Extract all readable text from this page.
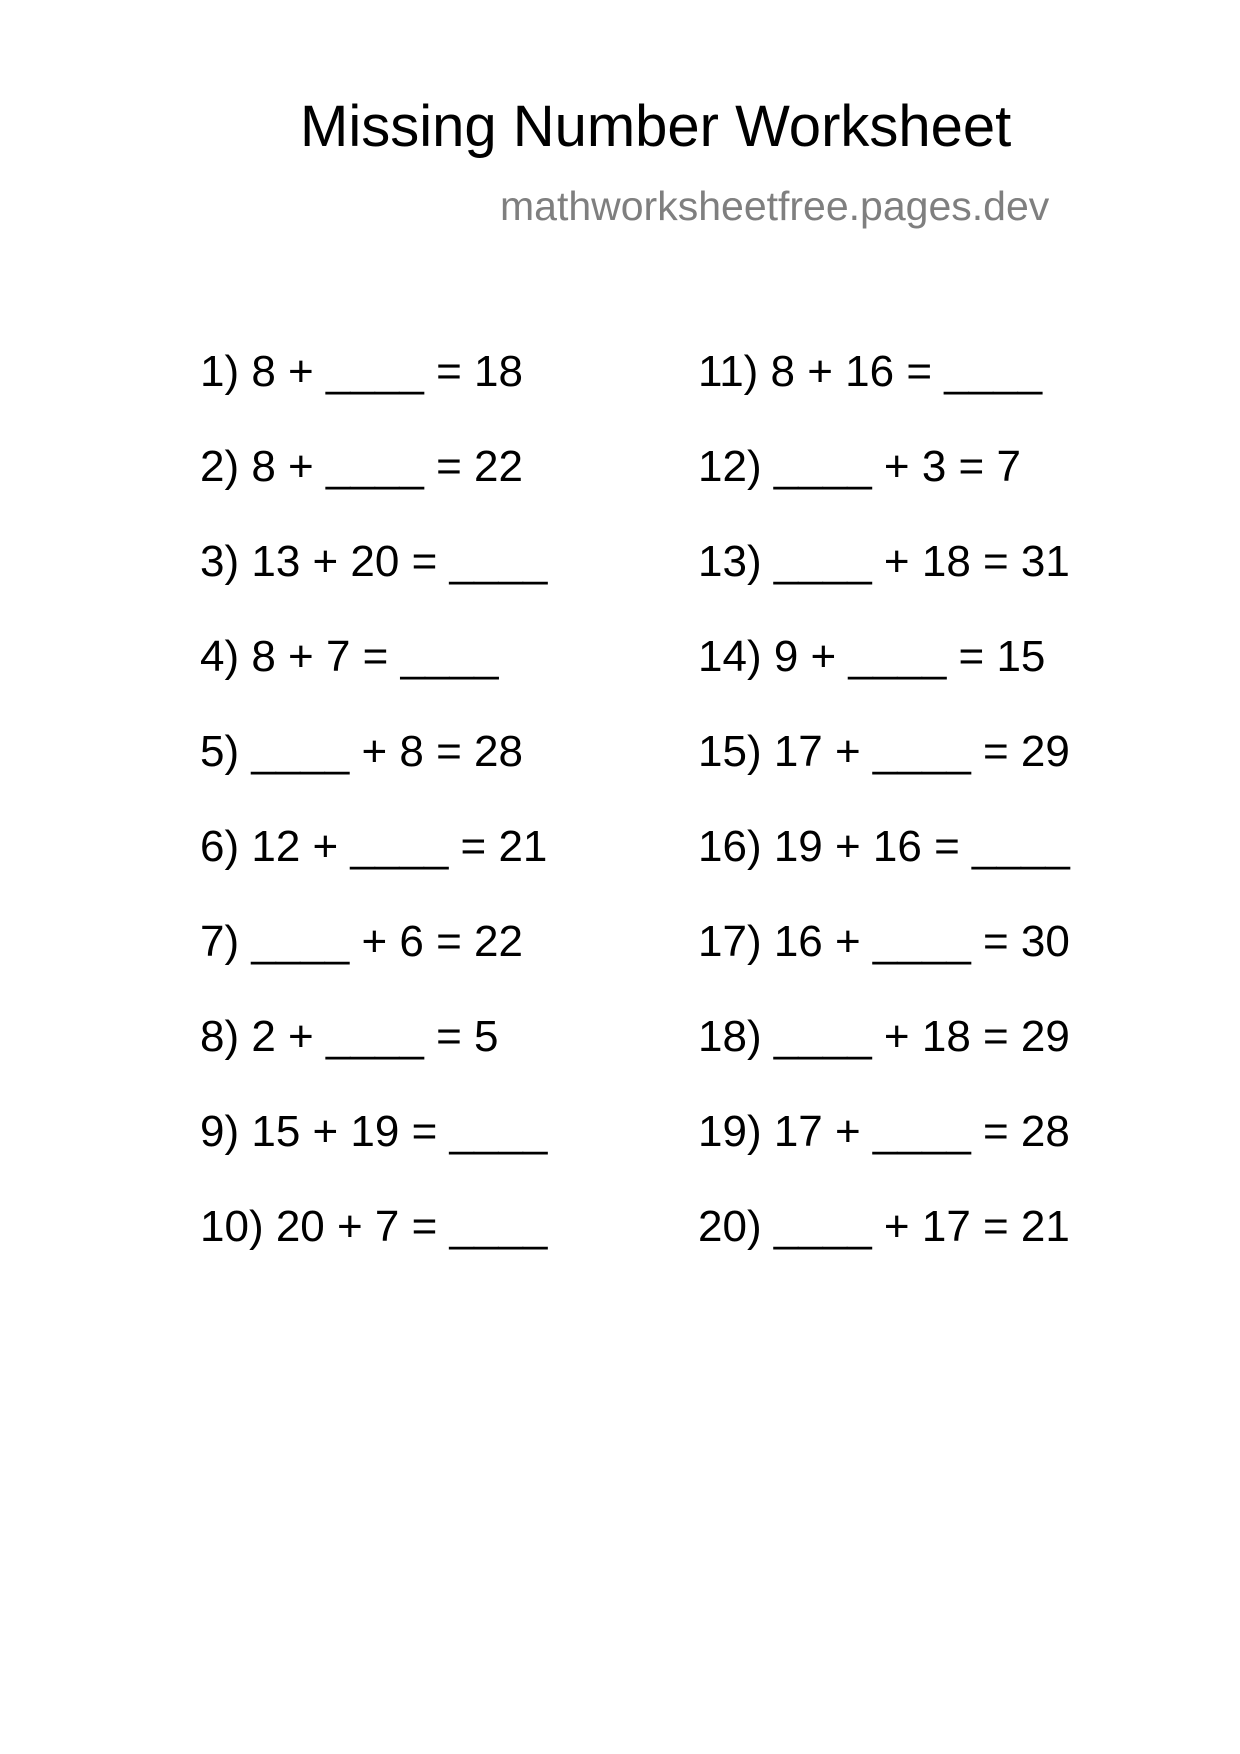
Missing Number Worksheet
mathworksheetfree.pages.dev
1) 8 + ____ = 18
2) 8 + ____ = 22
3) 13 + 20 = ____
4) 8 + 7 = ____
5) ____ + 8 = 28
6) 12 + ____ = 21
7) ____ + 6 = 22
8) 2 + ____ = 5
9) 15 + 19 = ____
10) 20 + 7 = ____
11) 8 + 16 = ____
12) ____ + 3 = 7
13) ____ + 18 = 31
14) 9 + ____ = 15
15) 17 + ____ = 29
16) 19 + 16 = ____
17) 16 + ____ = 30
18) ____ + 18 = 29
19) 17 + ____ = 28
20) ____ + 17 = 21
